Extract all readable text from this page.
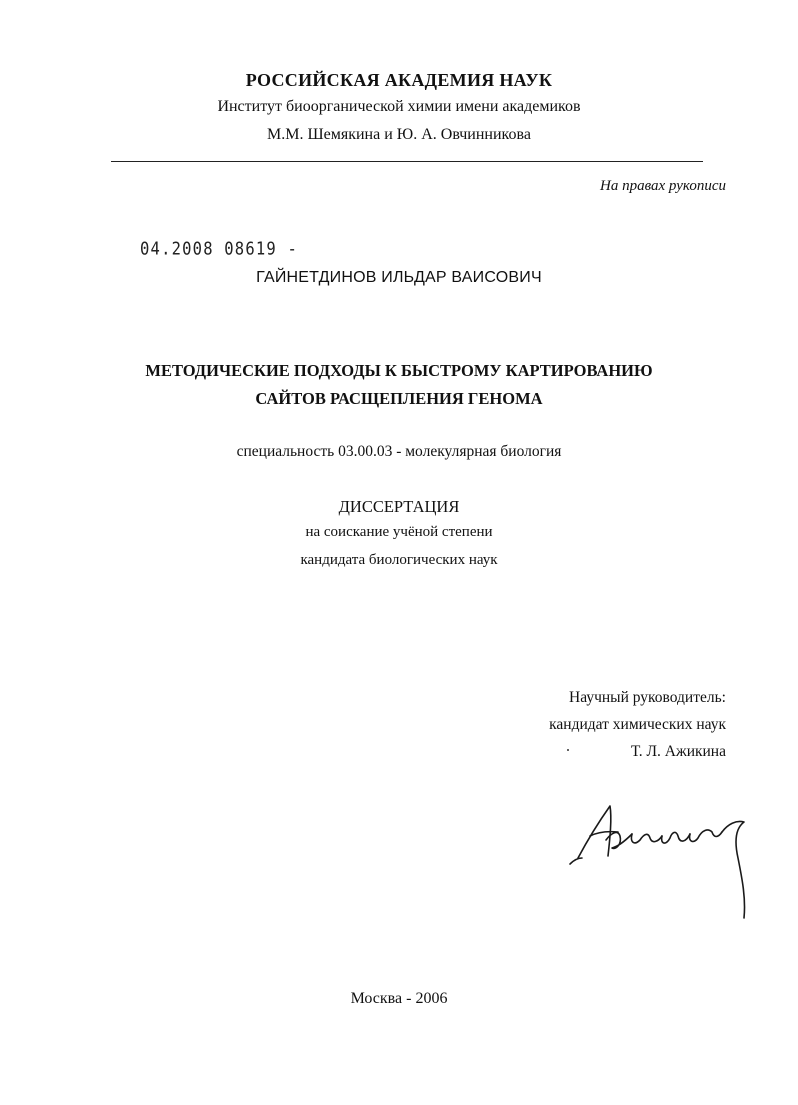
РОССИЙСКАЯ АКАДЕМИЯ НАУК
Институт биоорганической химии имени академиков
М.М. Шемякина и Ю. А. Овчинникова
На правах рукописи
04.2008 08619 -
ГАЙНЕТДИНОВ ИЛЬДАР ВАИСОВИЧ
МЕТОДИЧЕСКИЕ ПОДХОДЫ К БЫСТРОМУ КАРТИРОВАНИЮ
САЙТОВ РАСЩЕПЛЕНИЯ ГЕНОМА
специальность 03.00.03 - молекулярная биология
ДИССЕРТАЦИЯ
на соискание учёной степени
кандидата биологических наук
Научный руководитель:
кандидат химических наук
Т. Л. Ажикина
Москва - 2006
